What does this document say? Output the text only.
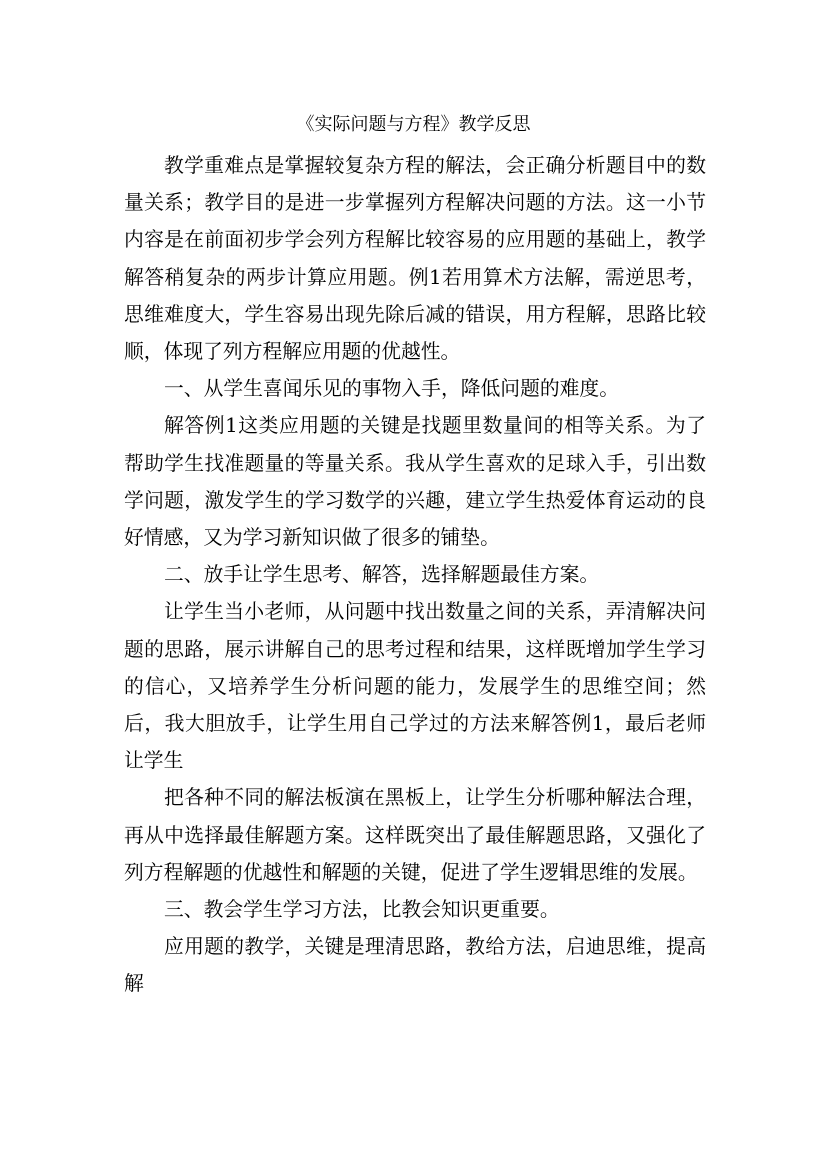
《实际问题与方程》教学反思

教学重难点是掌握较复杂方程的解法，会正确分析题目中的数量关系；教学目的是进一步掌握列方程解决问题的方法。这一小节内容是在前面初步学会列方程解比较容易的应用题的基础上，教学解答稍复杂的两步计算应用题。例1若用算术方法解，需逆思考，思维难度大，学生容易出现先除后减的错误，用方程解，思路比较顺，体现了列方程解应用题的优越性。

一、从学生喜闻乐见的事物入手，降低问题的难度。

解答例1这类应用题的关键是找题里数量间的相等关系。为了帮助学生找准题量的等量关系。我从学生喜欢的足球入手，引出数学问题，激发学生的学习数学的兴趣，建立学生热爱体育运动的良好情感，又为学习新知识做了很多的铺垫。

二、放手让学生思考、解答，选择解题最佳方案。

让学生当小老师，从问题中找出数量之间的关系，弄清解决问题的思路，展示讲解自己的思考过程和结果，这样既增加学生学习的信心，又培养学生分析问题的能力，发展学生的思维空间；然后，我大胆放手，让学生用自己学过的方法来解答例1，最后老师让学生

把各种不同的解法板演在黑板上，让学生分析哪种解法合理，再从中选择最佳解题方案。这样既突出了最佳解题思路，又强化了列方程解题的优越性和解题的关键，促进了学生逻辑思维的发展。

三、教会学生学习方法，比教会知识更重要。

应用题的教学，关键是理清思路，教给方法，启迪思维，提高解
